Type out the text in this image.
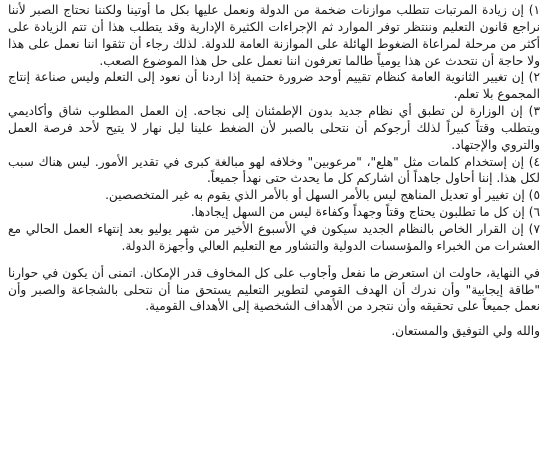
١) إن زيادة المرتبات تتطلب موازنات ضخمة من الدولة ونعمل عليها بكل ما أوتينا ولكننا نحتاج الصبر لأننا نراجع قانون التعليم وننتظر توفر الموارد ثم الإجراءات الكثيرة الإدارية وقد يتطلب هذا أن تتم الزيادة على أكثر من مرحلة لمراعاة الضغوط الهائلة على الموازنة العامة للدولة. لذلك رجاء أن تثقوا اننا نعمل على هذا ولا حاجة أن نتحدث عن هذا يومياً طالما تعرفون اننا نعمل على حل هذا الموضوع الصعب.

٢) إن تغيير الثانوية العامة كنظام تقييم أوحد ضرورة حتمية إذا اردنا أن نعود إلى التعلم وليس صناعة إنتاج المجموع بلا تعلم.

٣) إن الوزارة لن تطبق أي نظام جديد بدون الإطمئنان إلى نجاحه. إن العمل المطلوب شاق وأكاديمي ويتطلب وقتاً كبيراً لذلك أرجوكم أن نتحلى بالصبر لأن الضغط علينا ليل نهار لا يتيح لأحد فرصة العمل والتروي والإجتهاد.

٤) إن إستخدام كلمات مثل "هلع"، "مرعوبين" وخلافه لهو مبالغة كبرى في تقدير الأمور. ليس هناك سبب لكل هذا. إننا أحاول جاهداً أن اشاركم كل ما يحدث حتى نهدأ جميعاً.

٥) إن تغيير أو تعديل المناهج ليس بالأمر السهل أو بالأمر الذي يقوم به غير المتخصصين.

٦) إن كل ما تطلبون يحتاج وقتاً وجهداً وكفاءة ليس من السهل إيجادها.

٧) إن القرار الخاص بالنظام الجديد سيكون في الأسبوع الأخير من شهر يوليو بعد إنتهاء العمل الحالي مع العشرات من الخبراء والمؤسسات الدولية والتشاور مع التعليم العالي وأجهزة الدولة.

في النهاية، حاولت ان استعرض ما نفعل وأجاوب على كل المخاوف قدر الإمكان. اتمنى أن يكون في حوارنا "طاقة إيجابية" وأن ندرك أن الهدف القومي لتطوير التعليم يستحق منا أن نتحلى بالشجاعة والصبر وأن نعمل جميعاً على تحقيقه وأن نتجرد من الأهداف الشخصية إلى الأهداف القومية.

والله ولي التوفيق والمستعان.
